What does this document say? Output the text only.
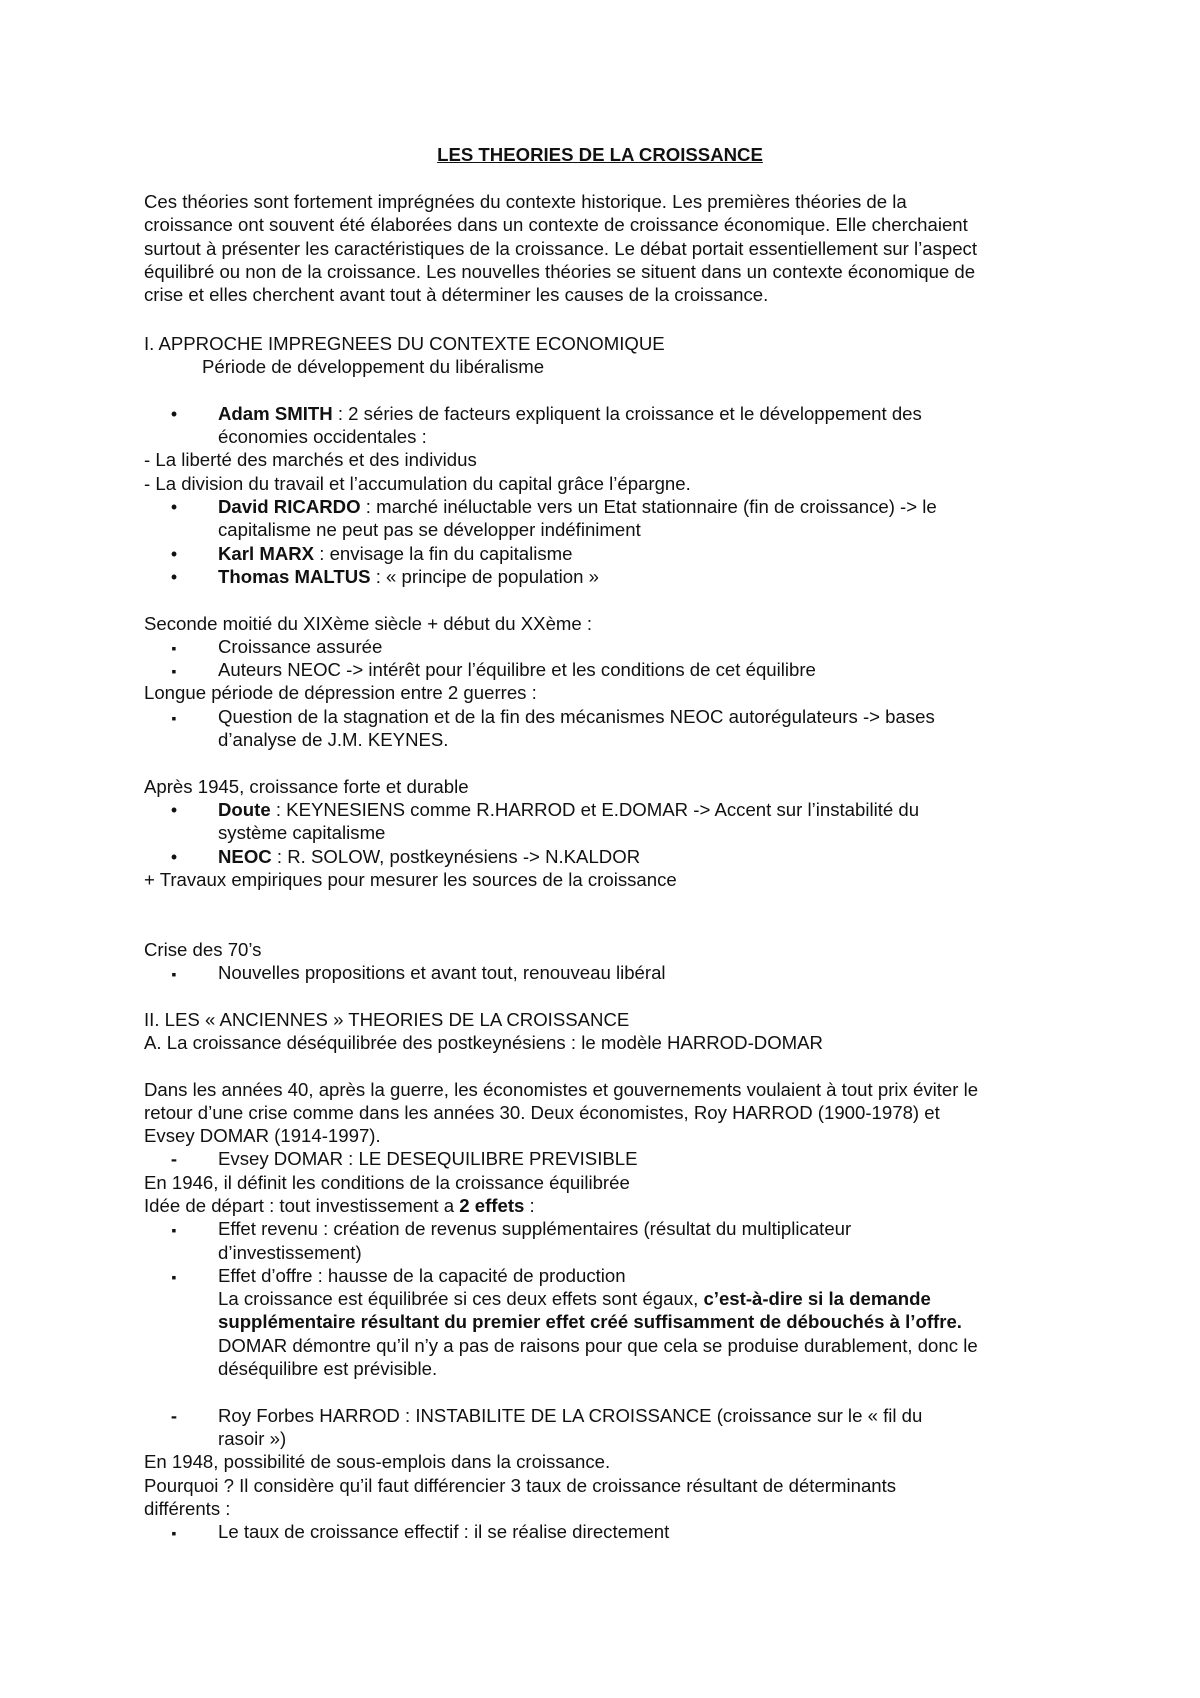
LES THEORIES DE LA CROISSANCE
Ces théories sont fortement imprégnées du contexte historique. Les premières théories de la
croissance ont souvent été élaborées dans un contexte de croissance économique. Elle cherchaient
surtout à présenter les caractéristiques de la croissance. Le débat portait essentiellement sur l’aspect
équilibré ou non de la croissance. Les nouvelles théories se situent dans un contexte économique de
crise et elles cherchent avant tout à déterminer les causes de la croissance.
I. APPROCHE IMPREGNEES DU CONTEXTE ECONOMIQUE
Période de développement du libéralisme
•
Adam SMITH : 2 séries de facteurs expliquent la croissance et le développement des
économies occidentales :
- La liberté des marchés et des individus
- La division du travail et l’accumulation du capital grâce l’épargne.
•
David RICARDO : marché inéluctable vers un Etat stationnaire (fin de croissance) -> le
capitalisme ne peut pas se développer indéfiniment
•
Karl MARX : envisage la fin du capitalisme
•
Thomas MALTUS : « principe de population »
Seconde moitié du XIXème siècle + début du XXème :
▪
Croissance assurée
▪
Auteurs NEOC -> intérêt pour l’équilibre et les conditions de cet équilibre
Longue période de dépression entre 2 guerres :
▪
Question de la stagnation et de la fin des mécanismes NEOC autorégulateurs -> bases
d’analyse de J.M. KEYNES.
Après 1945, croissance forte et durable
•
Doute : KEYNESIENS comme R.HARROD et E.DOMAR -> Accent sur l’instabilité du
système capitalisme
•
NEOC : R. SOLOW, postkeynésiens -> N.KALDOR
+ Travaux empiriques pour mesurer les sources de la croissance
Crise des 70’s
▪
Nouvelles propositions et avant tout, renouveau libéral
II. LES « ANCIENNES » THEORIES DE LA CROISSANCE
A. La croissance déséquilibrée des postkeynésiens : le modèle HARROD-DOMAR
Dans les années 40, après la guerre, les économistes et gouvernements voulaient à tout prix éviter le
retour d’une crise comme dans les années 30. Deux économistes, Roy HARROD (1900-1978) et
Evsey DOMAR (1914-1997).
-
Evsey DOMAR : LE DESEQUILIBRE PREVISIBLE
En 1946, il définit les conditions de la croissance équilibrée
Idée de départ : tout investissement a 2 effets :
▪
Effet revenu : création de revenus supplémentaires (résultat du multiplicateur
d’investissement)
▪
Effet d’offre : hausse de la capacité de production
La croissance est équilibrée si ces deux effets sont égaux, c’est-à-dire si la demande
supplémentaire résultant du premier effet créé suffisamment de débouchés à l’offre.
DOMAR démontre qu’il n’y a pas de raisons pour que cela se produise durablement, donc le
déséquilibre est prévisible.
-
Roy Forbes HARROD : INSTABILITE DE LA CROISSANCE (croissance sur le « fil du
rasoir »)
En 1948, possibilité de sous-emplois dans la croissance.
Pourquoi ? Il considère qu’il faut différencier 3 taux de croissance résultant de déterminants
différents :
▪
Le taux de croissance effectif : il se réalise directement
